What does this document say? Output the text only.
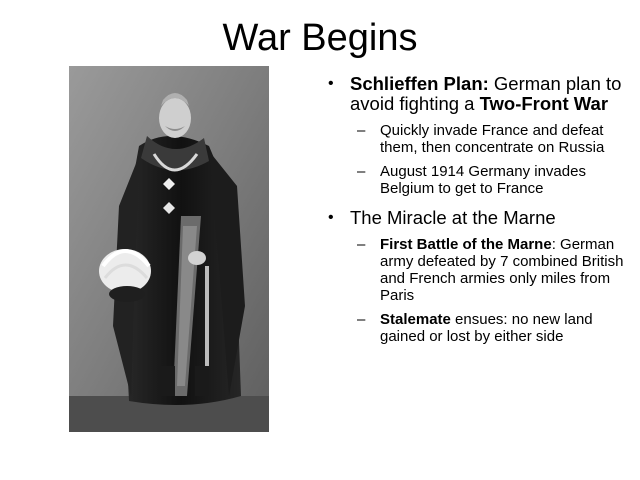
War Begins
• Schlieffen Plan: German plan to avoid fighting a Two-Front War
– Quickly invade France and defeat them, then concentrate on Russia
– August 1914 Germany invades Belgium to get to France
• The Miracle at the Marne
– First Battle of the Marne: German army defeated by 7 combined British and French armies only miles from Paris
– Stalemate ensues: no new land gained or lost by either side
